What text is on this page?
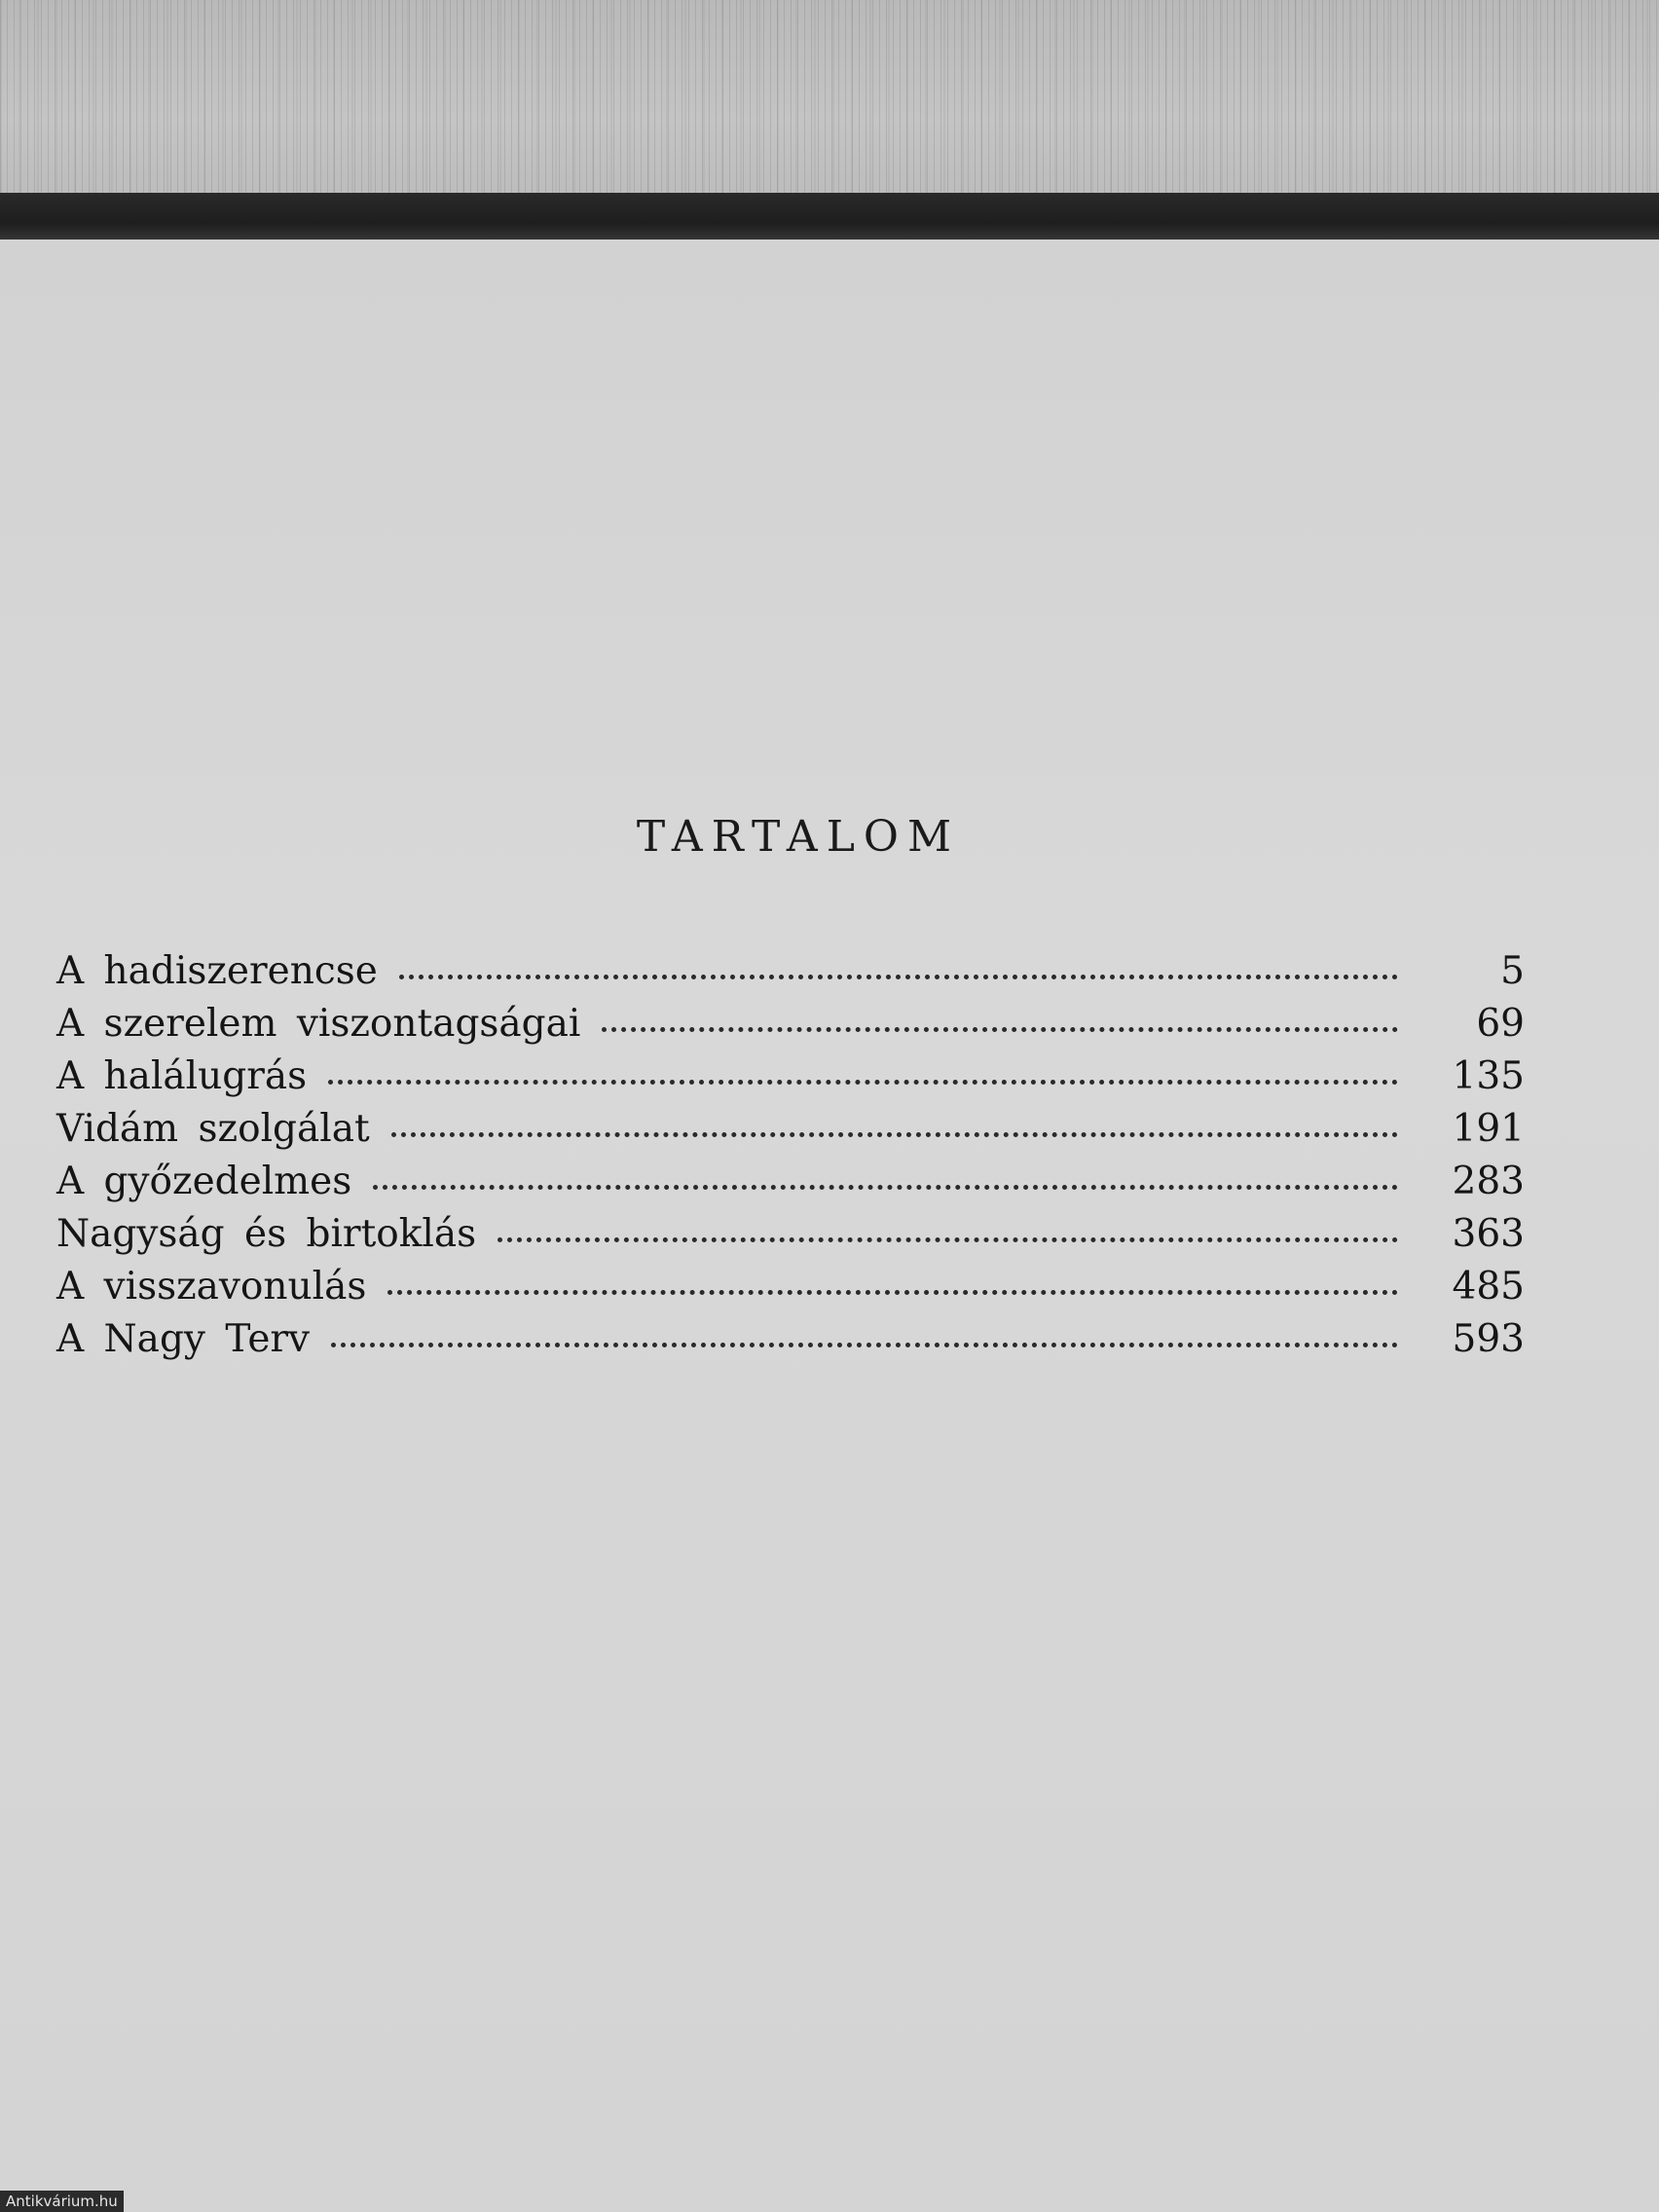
TARTALOM
A hadiszerencse	5
A szerelem viszontagságai	69
A halálugrás	135
Vidám szolgálat	191
A győzedelmes	283
Nagyság és birtoklás	363
A visszavonulás	485
A Nagy Terv	593
Antikvárium.hu
